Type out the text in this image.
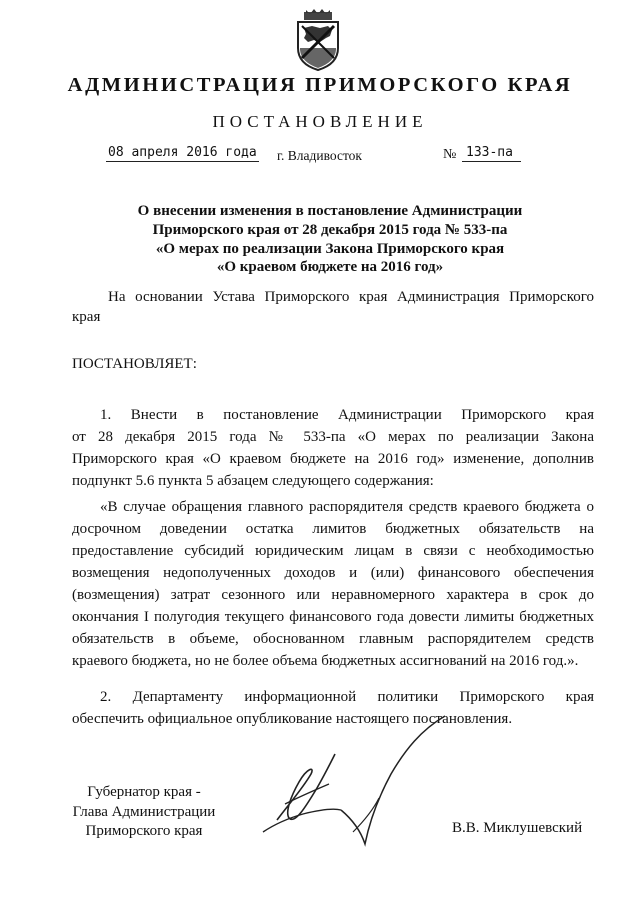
АДМИНИСТРАЦИЯ ПРИМОРСКОГО КРАЯ
ПОСТАНОВЛЕНИЕ
08 апреля 2016 года г. Владивосток	№ 133-па
О внесении изменения в постановление Администрации
Приморского края от 28 декабря 2015 года № 533-па
«О мерах по реализации Закона Приморского края
«О краевом бюджете на 2016 год»
На основании Устава Приморского края Администрация Приморского
края
ПОСТАНОВЛЯЕТ:
1. Внести в постановление Администрации Приморского края
от 28 декабря 2015 года № 533-па «О мерах по реализации Закона
Приморского края «О краевом бюджете на 2016 год» изменение, дополнив
подпункт 5.6 пункта 5 абзацем следующего содержания:
«В случае обращения главного распорядителя средств краевого бюджета о
досрочном доведении остатка лимитов бюджетных обязательств на
предоставление субсидий юридическим лицам в связи с необходимостью
возмещения недополученных доходов и (или) финансового обеспечения
(возмещения) затрат сезонного или неравномерного характера в срок до
окончания I полугодия текущего финансового года довести лимиты бюджетных
обязательств в объеме, обоснованном главным распорядителем средств
краевого бюджета, но не более объема бюджетных ассигнований на 2016 год.».
2. Департаменту информационной политики Приморского края
обеспечить официальное опубликование настоящего постановления.
Губернатор края -
Глава Администрации
Приморского края	В.В. Миклушевский
